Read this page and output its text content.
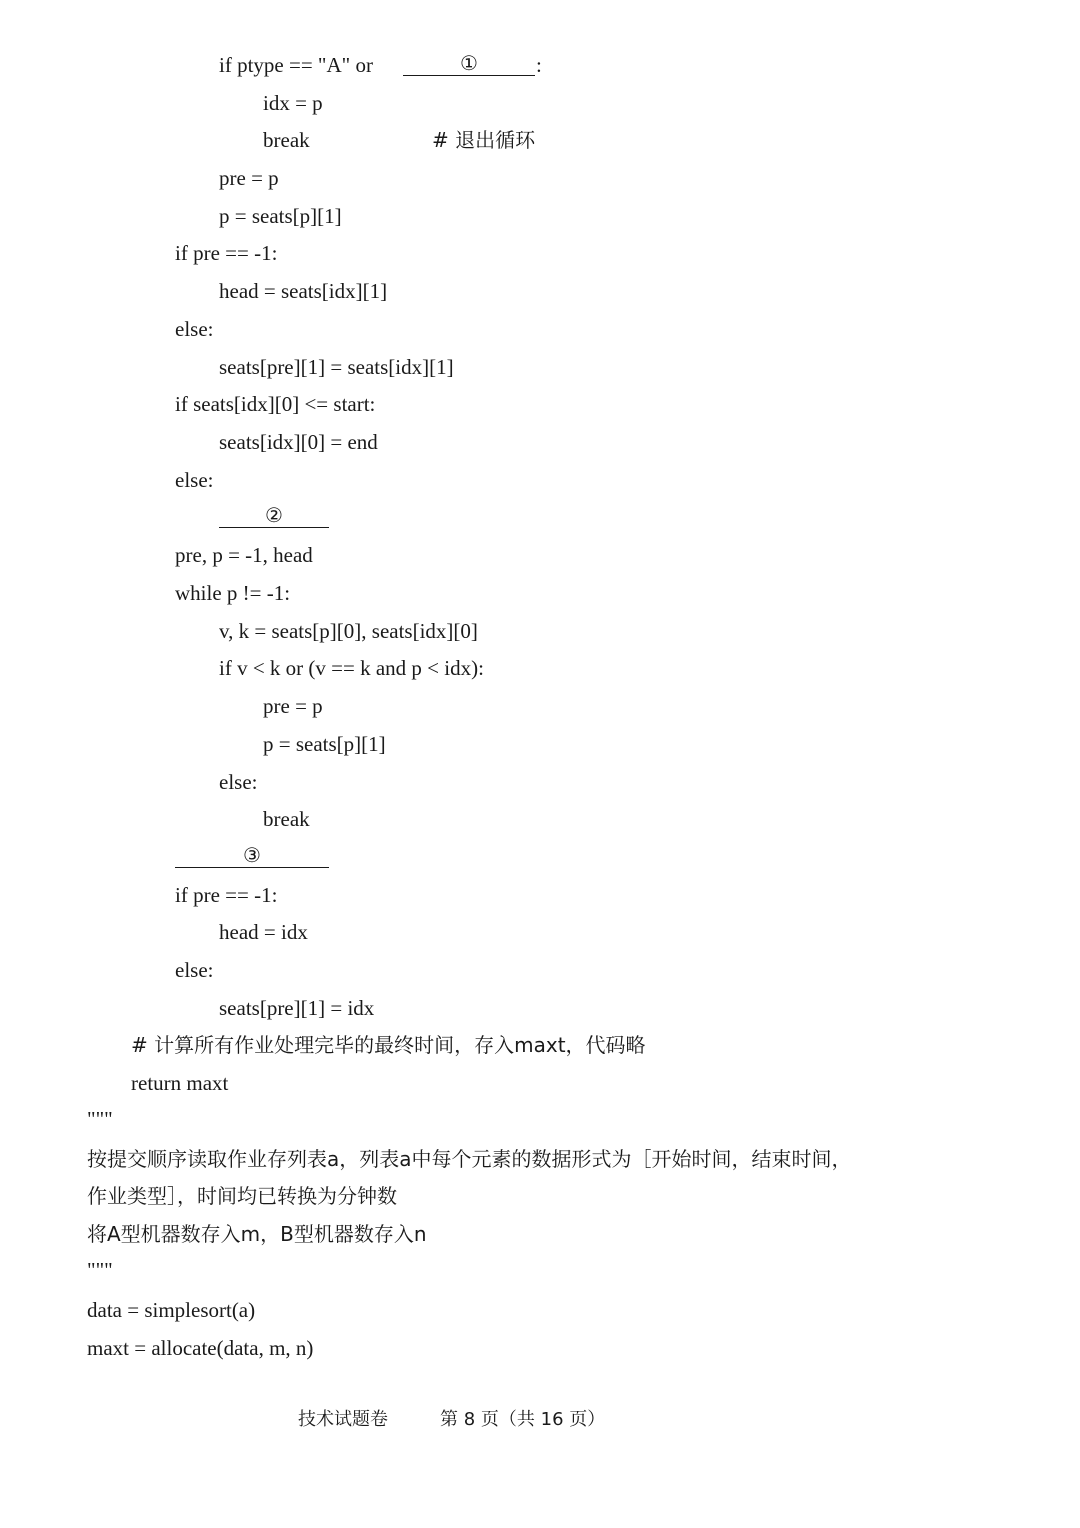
if ptype == "A" or	①	:
idx = p
break	# 退出循环
pre = p
p = seats[p][1]
if pre == -1:
head = seats[idx][1]
else:
seats[pre][1] = seats[idx][1]
if seats[idx][0] <= start:
seats[idx][0] = end
else:
②
pre, p = -1, head
while p != -1:
v, k = seats[p][0], seats[idx][0]
if v < k or (v == k and p < idx):
pre = p
p = seats[p][1]
else:
break
③
if pre == -1:
head = idx
else:
seats[pre][1] = idx
# 计算所有作业处理完毕的最终时间，存入maxt，代码略
return maxt
"""
按提交顺序读取作业存列表a，列表a中每个元素的数据形式为［开始时间，结束时间，
作业类型］，时间均已转换为分钟数
将A型机器数存入m，B型机器数存入n
"""
data = simplesort(a)
maxt = allocate(data, m, n)
技术试题卷	第 8 页（共 16 页）
